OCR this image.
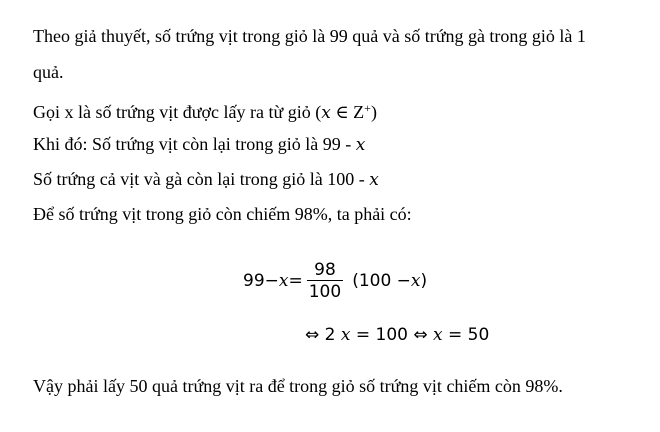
Theo giả thuyết, số trứng vịt trong giỏ là 99 quả và số trứng gà trong giỏ là 1
quả.
Gọi x là số trứng vịt được lấy ra từ giỏ (x ∈ Z+)
Khi đó: Số trứng vịt còn lại trong giỏ là 99 - x
Số trứng cả vịt và gà còn lại trong giỏ là 100 - x
Để số trứng vịt trong giỏ còn chiếm 98%, ta phải có:
$99 - x = \frac{98}{100} (100 - x$ )
⇔ 2 x = 100 ⇔ x = 50
Vậy phải lấy 50 quả trứng vịt ra để trong giỏ số trứng vịt chiếm còn 98%.
